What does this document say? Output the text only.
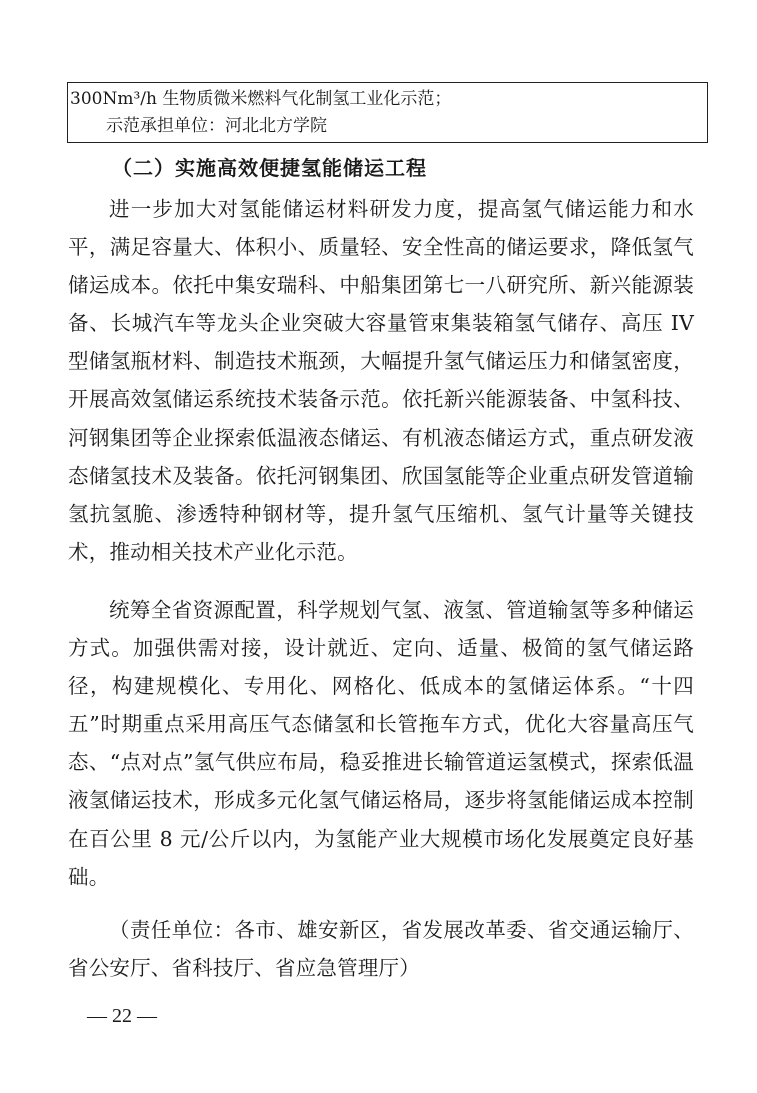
300Nm³/h 生物质微米燃料气化制氢工业化示范；
示范承担单位：河北北方学院
（二）实施高效便捷氢能储运工程

进一步加大对氢能储运材料研发力度，提高氢气储运能力和水平，满足容量大、体积小、质量轻、安全性高的储运要求，降低氢气储运成本。依托中集安瑞科、中船集团第七一八研究所、新兴能源装备、长城汽车等龙头企业突破大容量管束集装箱氢气储存、高压 IV 型储氢瓶材料、制造技术瓶颈，大幅提升氢气储运压力和储氢密度，开展高效氢储运系统技术装备示范。依托新兴能源装备、中氢科技、河钢集团等企业探索低温液态储运、有机液态储运方式，重点研发液态储氢技术及装备。依托河钢集团、欣国氢能等企业重点研发管道输氢抗氢脆、渗透特种钢材等，提升氢气压缩机、氢气计量等关键技术，推动相关技术产业化示范。

统筹全省资源配置，科学规划气氢、液氢、管道输氢等多种储运方式。加强供需对接，设计就近、定向、适量、极简的氢气储运路径，构建规模化、专用化、网格化、低成本的氢储运体系。“十四五”时期重点采用高压气态储氢和长管拖车方式，优化大容量高压气态、“点对点”氢气供应布局，稳妥推进长输管道运氢模式，探索低温液氢储运技术，形成多元化氢气储运格局，逐步将氢能储运成本控制在百公里 8 元/公斤以内，为氢能产业大规模市场化发展奠定良好基础。

（责任单位：各市、雄安新区，省发展改革委、省交通运输厅、省公安厅、省科技厅、省应急管理厅）

— 22 —
